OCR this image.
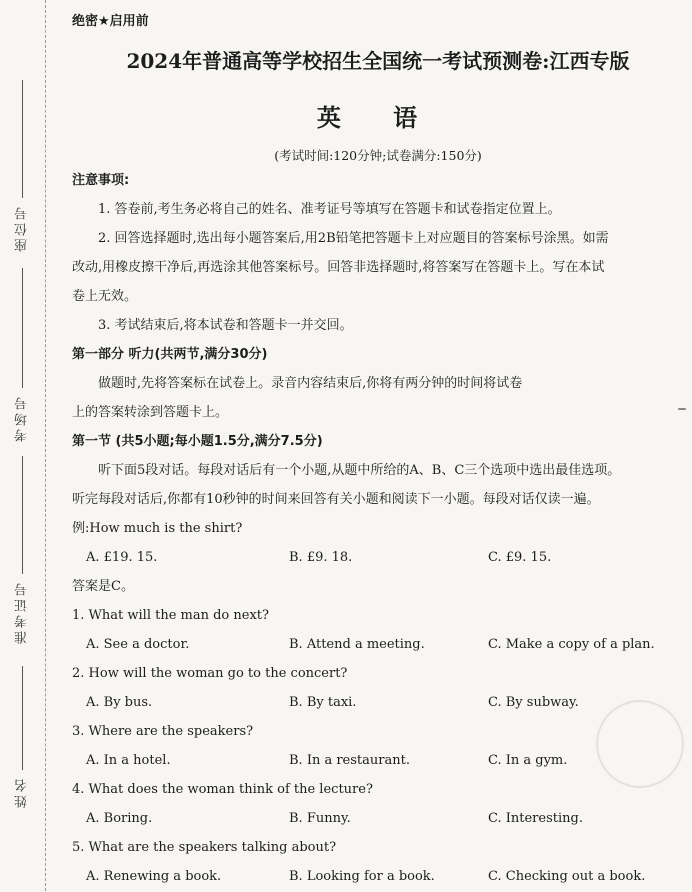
座位号
考场号
准考证号
姓名
绝密★启用前
2024年普通高等学校招生全国统一考试预测卷:江西专版
英 语
(考试时间:120分钟;试卷满分:150分)
注意事项:
1. 答卷前,考生务必将自己的姓名、准考证号等填写在答题卡和试卷指定位置上。
2. 回答选择题时,选出每小题答案后,用2B铅笔把答题卡上对应题目的答案标号涂黑。如需
改动,用橡皮擦干净后,再选涂其他答案标号。回答非选择题时,将答案写在答题卡上。写在本试
卷上无效。
3. 考试结束后,将本试卷和答题卡一并交回。
第一部分 听力(共两节,满分30分)
做题时,先将答案标在试卷上。录音内容结束后,你将有两分钟的时间将试卷
上的答案转涂到答题卡上。
第一节 (共5小题;每小题1.5分,满分7.5分)
听下面5段对话。每段对话后有一个小题,从题中所给的A、B、C三个选项中选出最佳选项。
听完每段对话后,你都有10秒钟的时间来回答有关小题和阅读下一小题。每段对话仅读一遍。
例:How much is the shirt?
A. £19. 15.	B. £9. 18.	C. £9. 15.
答案是C。
1. What will the man do next?
A. See a doctor.	B. Attend a meeting.	C. Make a copy of a plan.
2. How will the woman go to the concert?
A. By bus.	B. By taxi.	C. By subway.
3. Where are the speakers?
A. In a hotel.	B. In a restaurant.	C. In a gym.
4. What does the woman think of the lecture?
A. Boring.	B. Funny.	C. Interesting.
5. What are the speakers talking about?
A. Renewing a book.	B. Looking for a book.	C. Checking out a book.
